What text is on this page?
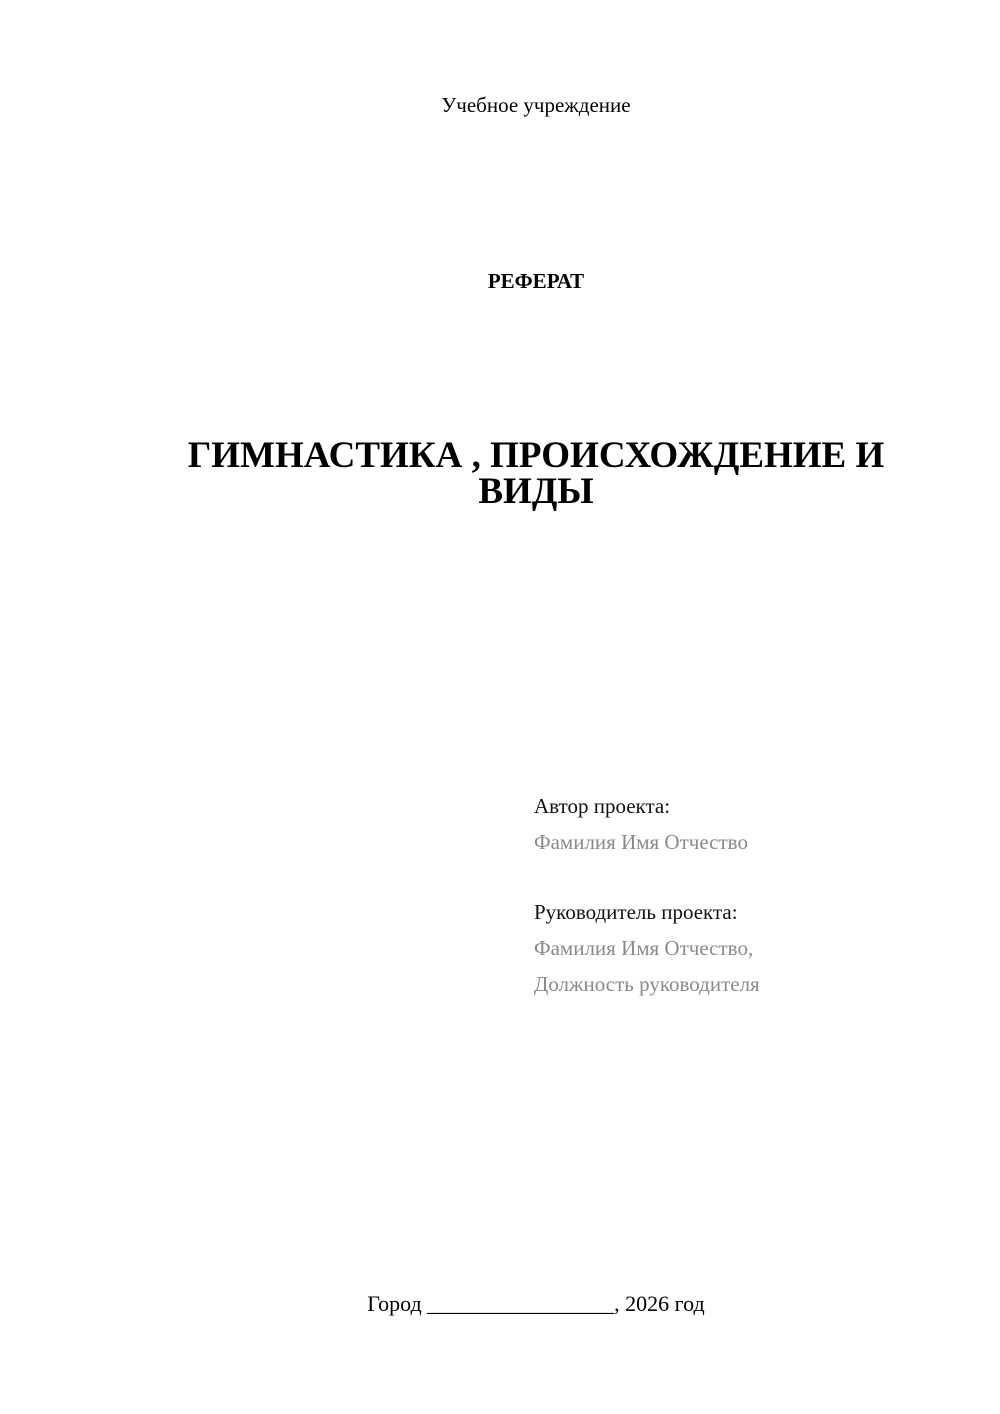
Учебное учреждение
РЕФЕРАТ
ГИМНАСТИКА , ПРОИСХОЖДЕНИЕ И ВИДЫ
Автор проекта:
Фамилия Имя Отчество
Руководитель проекта:
Фамилия Имя Отчество,
Должность руководителя
Город _________________, 2026 год
